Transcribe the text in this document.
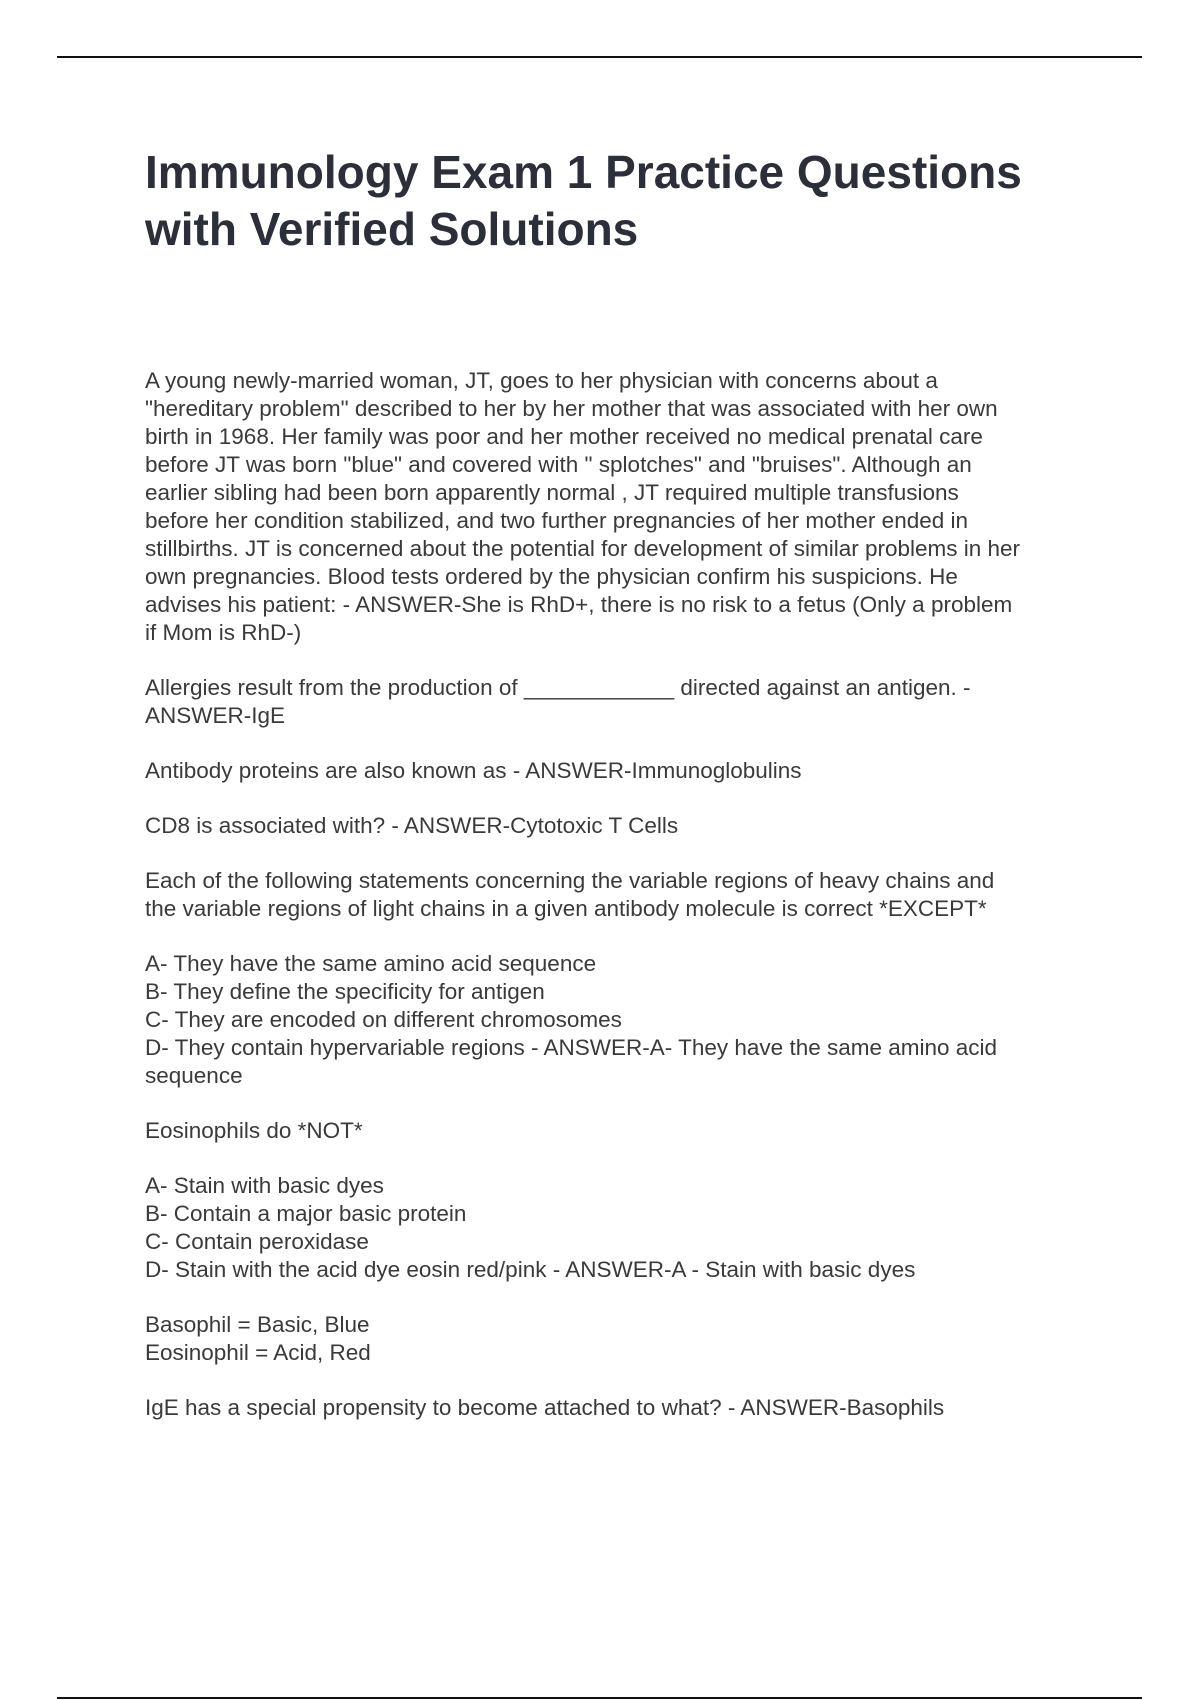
Immunology Exam 1 Practice Questions
with Verified Solutions

A young newly-married woman, JT, goes to her physician with concerns about a
"hereditary problem" described to her by her mother that was associated with her own
birth in 1968. Her family was poor and her mother received no medical prenatal care
before JT was born "blue" and covered with " splotches" and "bruises". Although an
earlier sibling had been born apparently normal , JT required multiple transfusions
before her condition stabilized, and two further pregnancies of her mother ended in
stillbirths. JT is concerned about the potential for development of similar problems in her
own pregnancies. Blood tests ordered by the physician confirm his suspicions. He
advises his patient: - ANSWER-She is RhD+, there is no risk to a fetus (Only a problem
if Mom is RhD-)

Allergies result from the production of ____________ directed against an antigen. -
ANSWER-IgE

Antibody proteins are also known as - ANSWER-Immunoglobulins

CD8 is associated with? - ANSWER-Cytotoxic T Cells

Each of the following statements concerning the variable regions of heavy chains and
the variable regions of light chains in a given antibody molecule is correct *EXCEPT*

A- They have the same amino acid sequence
B- They define the specificity for antigen
C- They are encoded on different chromosomes
D- They contain hypervariable regions - ANSWER-A- They have the same amino acid
sequence

Eosinophils do *NOT*

A- Stain with basic dyes
B- Contain a major basic protein
C- Contain peroxidase
D- Stain with the acid dye eosin red/pink - ANSWER-A - Stain with basic dyes

Basophil = Basic, Blue
Eosinophil = Acid, Red

IgE has a special propensity to become attached to what? - ANSWER-Basophils
